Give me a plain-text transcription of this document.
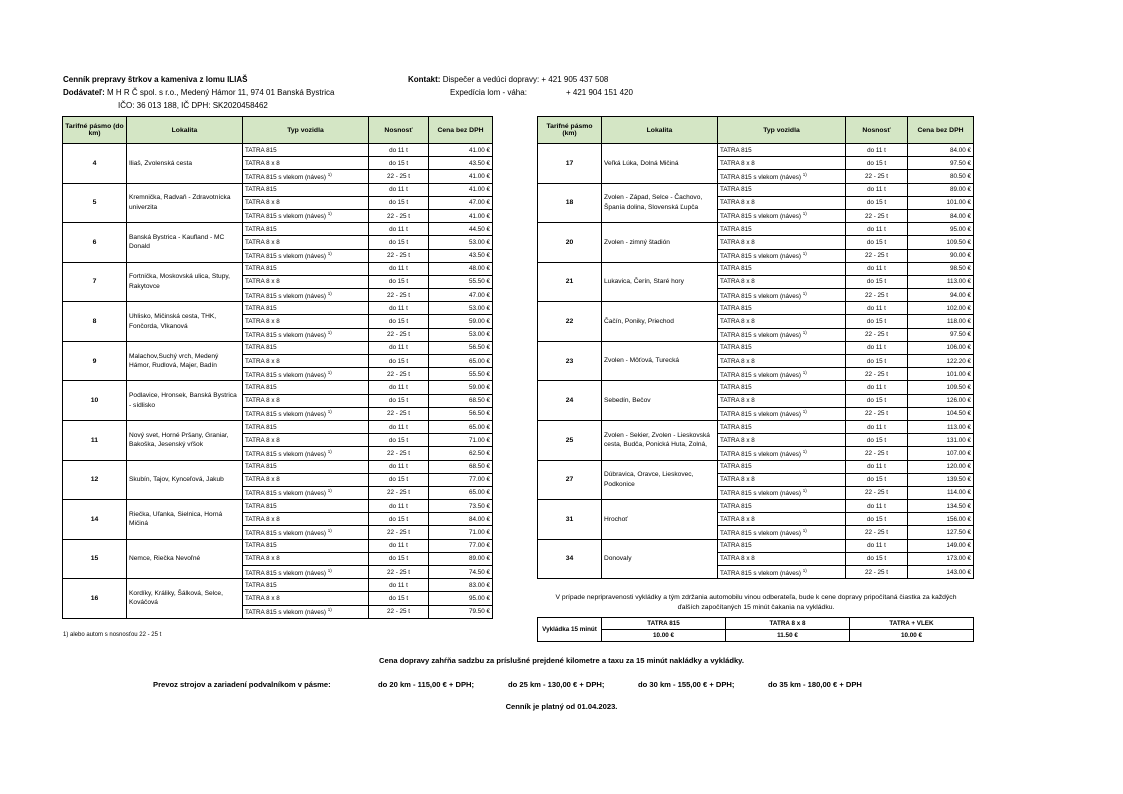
Cenník prepravy štrkov a kameniva z lomu ILIAŠ
Dodávateľ: M H R Č spol. s r.o., Medený Hámor 11, 974 01 Banská Bystrica
IČO: 36 013 188, IČ DPH: SK2020458462
Kontakt: Dispečer a vedúci dopravy: + 421 905 437 508
Expedícia lom - váha:	+ 421 904 151 420
Tarifné pásmo (do km)	Lokalita	Typ vozidla	Nosnosť	Cena bez DPH
4	Iliaš, Zvolenská cesta	TATRA 815	do 11 t	41.00 €
		TATRA 8 x 8	do 15 t	43.50 €
		TATRA 815 s vlekom (náves) $^{1)}$	22 - 25 t	41.00 €
5	Kremnička, Radvaň - Zdravotnícka univerzita	TATRA 815	do 11 t	41.00 €
		TATRA 8 x 8	do 15 t	47.00 €
		TATRA 815 s vlekom (náves) $^{1)}$	22 - 25 t	41.00 €
6	Banská Bystrica - Kaufland - MC Donald	TATRA 815	do 11 t	44.50 €
		TATRA 8 x 8	do 15 t	53.00 €
		TATRA 815 s vlekom (náves) $^{1)}$	22 - 25 t	43.50 €
7	Fortnička, Moskovská ulica, Stupy, Rakytovce	TATRA 815	do 11 t	48.00 €
		TATRA 8 x 8	do 15 t	55.50 €
		TATRA 815 s vlekom (náves) $^{1)}$	22 - 25 t	47.00 €
8	Uhlisko, Mičinská cesta, THK, Fončorda, Vlkanová	TATRA 815	do 11 t	53.00 €
		TATRA 8 x 8	do 15 t	59.00 €
		TATRA 815 s vlekom (náves) $^{1)}$	22 - 25 t	53.00 €
9	Malachov,Suchý vrch, Medený Hámor, Rudlová, Majer, Badín	TATRA 815	do 11 t	56.50 €
		TATRA 8 x 8	do 15 t	65.00 €
		TATRA 815 s vlekom (náves) $^{1)}$	22 - 25 t	55.50 €
10	Podlavice, Hronsek, Banská Bystrica - sídlisko	TATRA 815	do 11 t	59.00 €
		TATRA 8 x 8	do 15 t	68.50 €
		TATRA 815 s vlekom (náves) $^{1)}$	22 - 25 t	56.50 €
11	Nový svet, Horné Pršany, Graniar, Bakoška, Jesenský vŕšok	TATRA 815	do 11 t	65.00 €
		TATRA 8 x 8	do 15 t	71.00 €
		TATRA 815 s vlekom (náves) $^{1)}$	22 - 25 t	62.50 €
12	Skubín, Tajov, Kynceľová, Jakub	TATRA 815	do 11 t	68.50 €
		TATRA 8 x 8	do 15 t	77.00 €
		TATRA 815 s vlekom (náves) $^{1)}$	22 - 25 t	65.00 €
14	Riečka, Uľanka, Sielnica, Horná Mičiná	TATRA 815	do 11 t	73.50 €
		TATRA 8 x 8	do 15 t	84.00 €
		TATRA 815 s vlekom (náves) $^{1)}$	22 - 25 t	71.00 €
15	Nemce, Riečka Nevoľné	TATRA 815	do 11 t	77.00 €
		TATRA 8 x 8	do 15 t	89.00 €
		TATRA 815 s vlekom (náves) $^{1)}$	22 - 25 t	74.50 €
16	Kordíky, Králiky, Šálková, Selce, Kováčová	TATRA 815	do 11 t	83.00 €
		TATRA 8 x 8	do 15 t	95.00 €
		TATRA 815 s vlekom (náves) $^{1)}$	22 - 25 t	79.50 €
Tarifné pásmo (km)	Lokalita	Typ vozidla	Nosnosť	Cena bez DPH
17	Veľká Lúka, Dolná Mičiná	TATRA 815	do 11 t	84.00 €
		TATRA 8 x 8	do 15 t	97.50 €
		TATRA 815 s vlekom (náves) $^{1)}$	22 - 25 t	80.50 €
18	Zvolen - Západ, Selce - Čachovo, Španía dolina, Slovenská Ľupča	TATRA 815	do 11 t	89.00 €
		TATRA 8 x 8	do 15 t	101.00 €
		TATRA 815 s vlekom (náves) $^{1)}$	22 - 25 t	84.00 €
20	Zvolen - zimný štadión	TATRA 815	do 11 t	95.00 €
		TATRA 8 x 8	do 15 t	109.50 €
		TATRA 815 s vlekom (náves) $^{1)}$	22 - 25 t	90.00 €
21	Lukavica, Čerín, Staré hory	TATRA 815	do 11 t	98.50 €
		TATRA 8 x 8	do 15 t	113.00 €
		TATRA 815 s vlekom (náves) $^{1)}$	22 - 25 t	94.00 €
22	Čačín, Poniky, Priechod	TATRA 815	do 11 t	102.00 €
		TATRA 8 x 8	do 15 t	118.00 €
		TATRA 815 s vlekom (náves) $^{1)}$	22 - 25 t	97.50 €
23	Zvolen - Môťová, Turecká	TATRA 815	do 11 t	106.00 €
		TATRA 8 x 8	do 15 t	122.20 €
		TATRA 815 s vlekom (náves) $^{1)}$	22 - 25 t	101.00 €
24	Sebedín, Bečov	TATRA 815	do 11 t	109.50 €
		TATRA 8 x 8	do 15 t	126.00 €
		TATRA 815 s vlekom (náves) $^{1)}$	22 - 25 t	104.50 €
25	Zvolen - Sekier, Zvolen - Lieskovská cesta, Budča, Ponická Huta, Zolná,	TATRA 815	do 11 t	113.00 €
		TATRA 8 x 8	do 15 t	131.00 €
		TATRA 815 s vlekom (náves) $^{1)}$	22 - 25 t	107.00 €
27	Dúbravica, Oravce, Lieskovec, Podkonice	TATRA 815	do 11 t	120.00 €
		TATRA 8 x 8	do 15 t	139.50 €
		TATRA 815 s vlekom (náves) $^{1)}$	22 - 25 t	114.00 €
31	Hrochoť	TATRA 815	do 11 t	134.50 €
		TATRA 8 x 8	do 15 t	156.00 €
		TATRA 815 s vlekom (náves) $^{1)}$	22 - 25 t	127.50 €
34	Donovaly	TATRA 815	do 11 t	149.00 €
		TATRA 8 x 8	do 15 t	173.00 €
		TATRA 815 s vlekom (náves) $^{1)}$	22 - 25 t	143.00 €
V prípade nepripravenosti vykládky a tým zdržania automobilu vinou odberateľa, bude k cene dopravy pripočítaná čiastka za každých ďalších započítaných 15 minút čakania na vykládku.
Vykládka 15 minút	TATRA 815	TATRA 8 x 8	TATRA + VLEK
	10.00 €	11.50 €	10.00 €
1) alebo autom s nosnosťou 22 - 25 t
Cena dopravy zahŕňa sadzbu za príslušné prejdené kilometre a taxu za 15 minút nakládky a vykládky.
Prevoz strojov a zariadení podvalníkom v pásme:	do 20 km - 115,00 € + DPH;	do 25 km - 130,00 € + DPH;	do 30 km - 155,00 € + DPH;	do 35 km - 180,00 € + DPH
Cenník je platný od 01.04.2023.
